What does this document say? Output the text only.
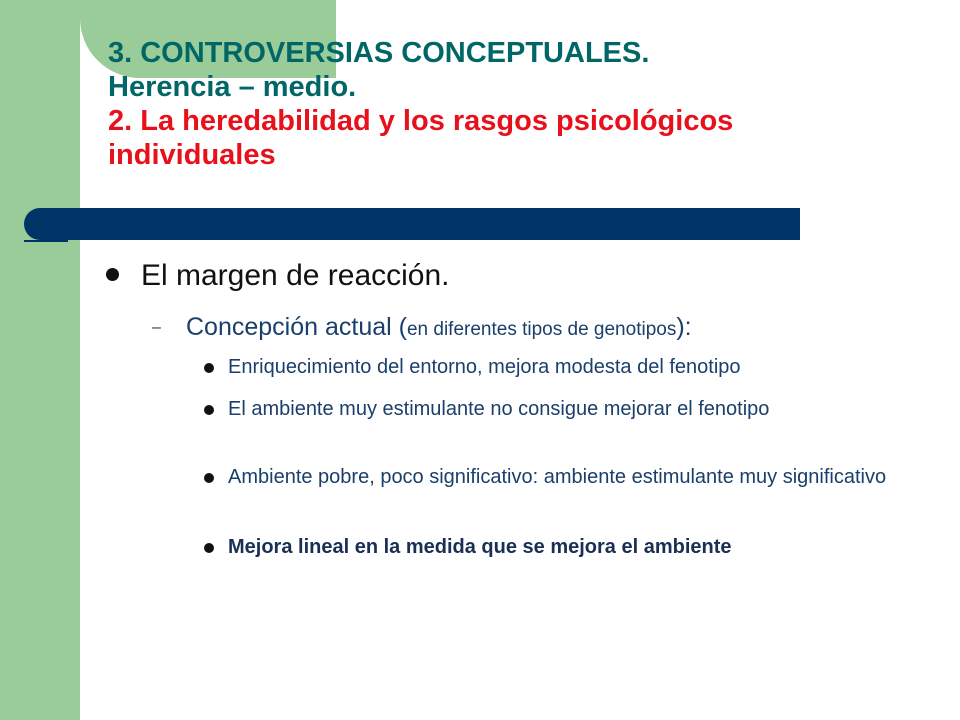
3. CONTROVERSIAS CONCEPTUALES.
Herencia – medio.
2. La heredabilidad y los rasgos psicológicos
individuales
El margen de reacción.
– Concepción actual (en diferentes tipos de genotipos):
Enriquecimiento del entorno, mejora modesta del fenotipo
El ambiente muy estimulante no consigue mejorar el fenotipo
Ambiente pobre, poco significativo: ambiente estimulante muy significativo
Mejora lineal en la medida que se mejora el ambiente
